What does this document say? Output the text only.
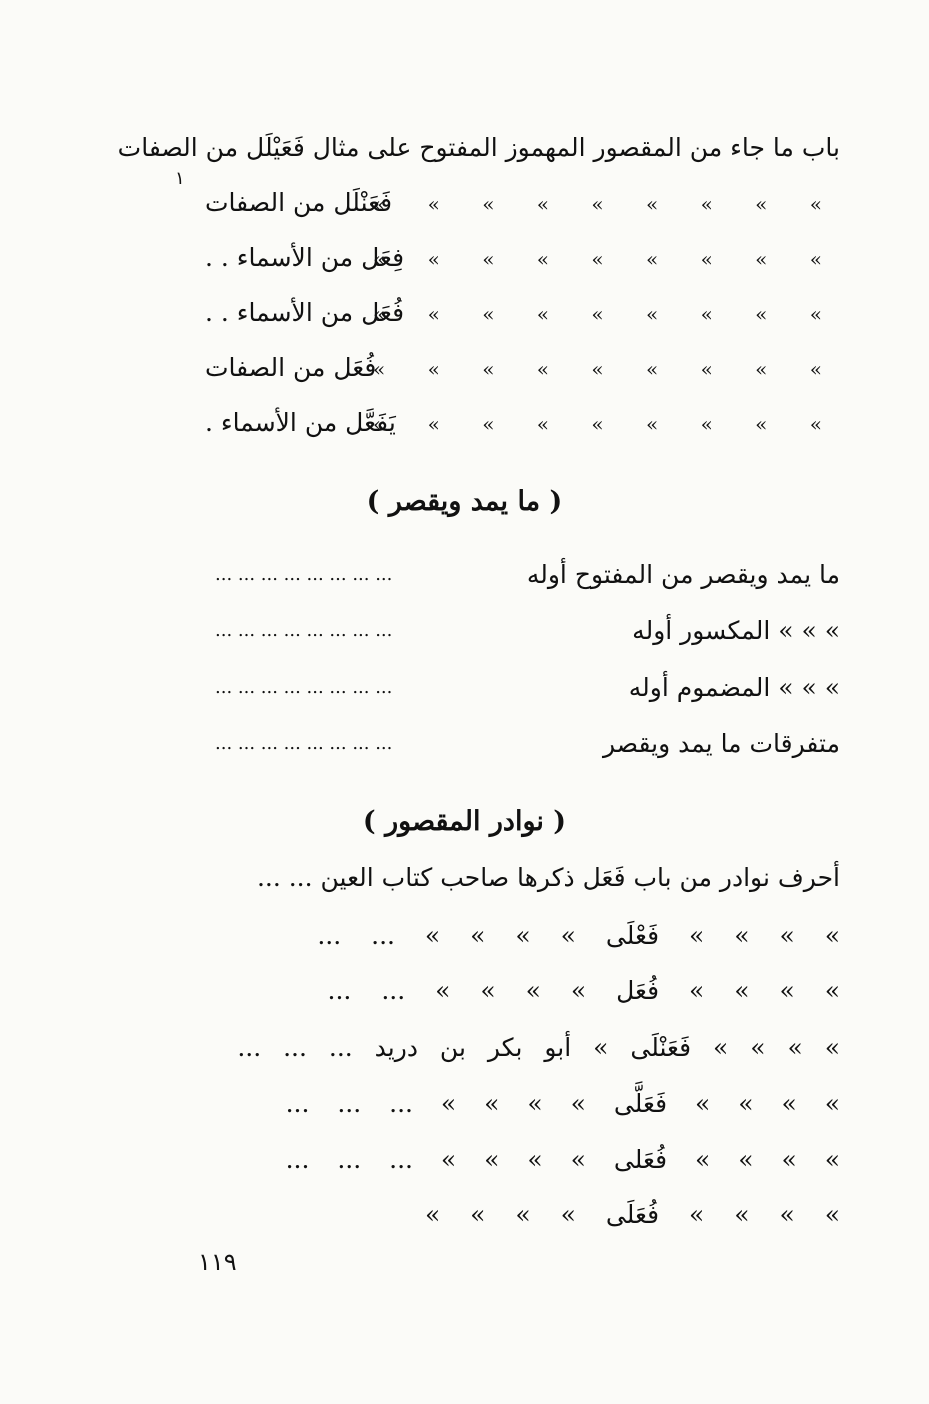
باب ما جاء من المقصور المهموز المفتوح على مثال فَعَيْلَل من الصفات
١
» » » » » » » » »
فَعَنْلَل من الصفات
» » » » » » » » »
فِعَل من الأسماء . .
» » » » » » » » »
فُعَل من الأسماء . .
» » » » » » » » »
فُعَل من الصفات
» » » » » » » » »
يَفَعَّل من الأسماء .
( ما يمد ويقصر )
ما يمد ويقصر من المفتوح أوله
... ... ... ... ... ... ... ...
» » » المكسور أوله
... ... ... ... ... ... ... ...
» » » المضموم أوله
... ... ... ... ... ... ... ...
متفرقات ما يمد ويقصر
... ... ... ... ... ... ... ...
( نوادر المقصور )
أحرف نوادر من باب فَعَل ذكرها صاحب كتاب العين ... ...
» » » » فَعْلَى » » » » ... ...
» » » » فُعَل » » » » ... ...
» » » » فَعَنْلَى » أبو بكر بن دريد ... ... ...
» » » » فَعَلَّى » » » » ... ... ...
» » » » فُعَلى » » » » ... ... ...
» » » » فُعَلَى » » » »
١١٩
